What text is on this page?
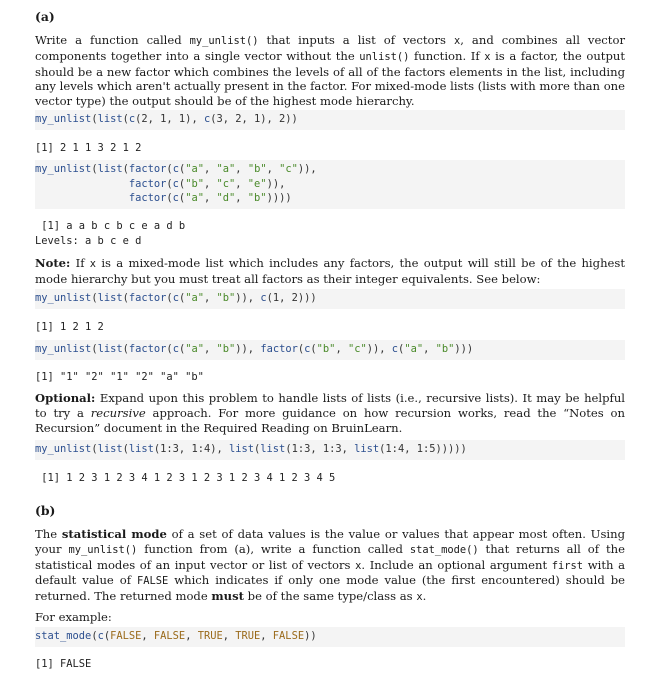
(a)

Write a function called my_unlist() that inputs a list of vectors x, and combines all vector components together into a single vector without the unlist() function. If x is a factor, the output should be a new factor which combines the levels of all of the factors elements in the list, including any levels which aren't actually present in the factor. For mixed-mode lists (lists with more than one vector type) the output should be of the highest mode hierarchy.

my_unlist(list(c(2, 1, 1), c(3, 2, 1), 2))
[1] 2 1 1 3 2 1 2
my_unlist(list(factor(c("a", "a", "b", "c")),
factor(c("b", "c", "e")),
factor(c("a", "d", "b"))))
[1] a a b c b c e a d b
Levels: a b c e d

Note: If x is a mixed-mode list which includes any factors, the output will still be of the highest mode hierarchy but you must treat all factors as their integer equivalents. See below:

my_unlist(list(factor(c("a", "b")), c(1, 2)))
[1] 1 2 1 2
my_unlist(list(factor(c("a", "b")), factor(c("b", "c")), c("a", "b")))
[1] "1" "2" "1" "2" "a" "b"

Optional: Expand upon this problem to handle lists of lists (i.e., recursive lists). It may be helpful to try a recursive approach. For more guidance on how recursion works, read the “Notes on Recursion” document in the Required Reading on BruinLearn.

my_unlist(list(list(1:3, 1:4), list(list(1:3, 1:3, list(1:4, 1:5)))))
[1] 1 2 3 1 2 3 4 1 2 3 1 2 3 1 2 3 4 1 2 3 4 5
(b)

The statistical mode of a set of data values is the value or values that appear most often. Using your my_unlist() function from (a), write a function called stat_mode() that returns all of the statistical modes of an input vector or list of vectors x. Include an optional argument first with a default value of FALSE which indicates if only one mode value (the first encountered) should be returned. The returned mode must be of the same type/class as x.

For example:

stat_mode(c(FALSE, FALSE, TRUE, TRUE, FALSE))
[1] FALSE
